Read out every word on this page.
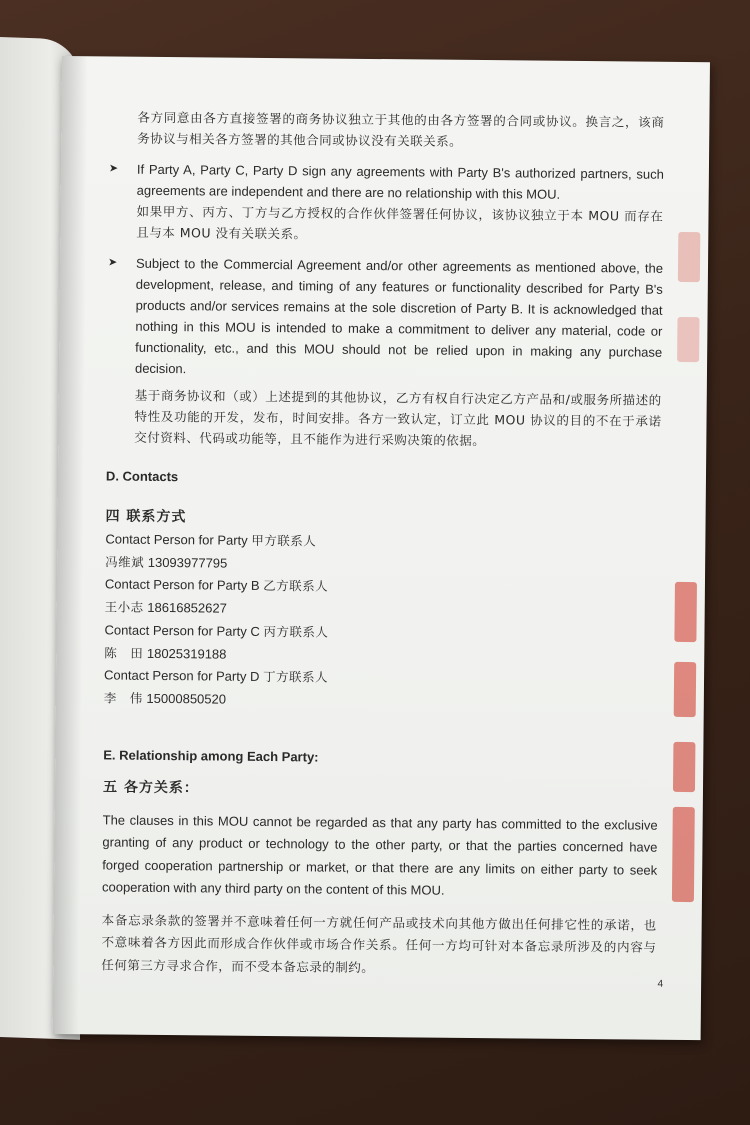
各方同意由各方直接签署的商务协议独立于其他的由各方签署的合同或协议。换言之，该商务协议与相关各方签署的其他合同或协议没有关联关系。

➤ If Party A, Party C, Party D sign any agreements with Party B's authorized partners, such agreements are independent and there are no relationship with this MOU.

如果甲方、丙方、丁方与乙方授权的合作伙伴签署任何协议，该协议独立于本 MOU 而存在且与本 MOU 没有关联关系。

➤ Subject to the Commercial Agreement and/or other agreements as mentioned above, the development, release, and timing of any features or functionality described for Party B's products and/or services remains at the sole discretion of Party B. It is acknowledged that nothing in this MOU is intended to make a commitment to deliver any material, code or functionality, etc., and this MOU should not be relied upon in making any purchase decision.

基于商务协议和（或）上述提到的其他协议，乙方有权自行决定乙方产品和/或服务所描述的特性及功能的开发，发布，时间安排。各方一致认定，订立此 MOU 协议的目的不在于承诺交付资料、代码或功能等，且不能作为进行采购决策的依据。

D. Contacts

四 联系方式

Contact Person for Party 甲方联系人

冯维斌 13093977795

Contact Person for Party B 乙方联系人

王小志 18616852627

Contact Person for Party C 丙方联系人

陈　田 18025319188

Contact Person for Party D 丁方联系人

李　伟 15000850520

E. Relationship among Each Party:

五 各方关系：

The clauses in this MOU cannot be regarded as that any party has committed to the exclusive granting of any product or technology to the other party, or that the parties concerned have forged cooperation partnership or market, or that there are any limits on either party to seek cooperation with any third party on the content of this MOU.

本备忘录条款的签署并不意味着任何一方就任何产品或技术向其他方做出任何排它性的承诺，也不意味着各方因此而形成合作伙伴或市场合作关系。任何一方均可针对本备忘录所涉及的内容与任何第三方寻求合作，而不受本备忘录的制约。

4
